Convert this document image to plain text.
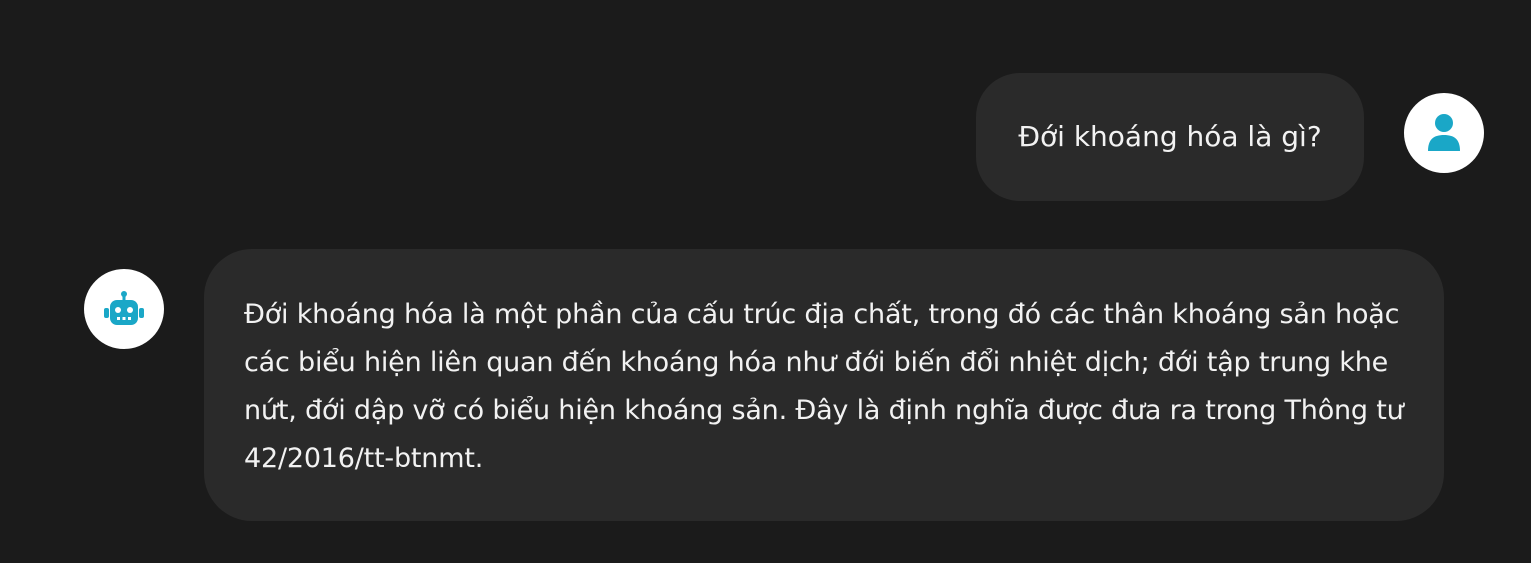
Đới khoáng hóa là gì?

Đới khoáng hóa là một phần của cấu trúc địa chất, trong đó các thân khoáng sản hoặc các biểu hiện liên quan đến khoáng hóa như đới biến đổi nhiệt dịch; đới tập trung khe nứt, đới dập vỡ có biểu hiện khoáng sản. Đây là định nghĩa được đưa ra trong Thông tư 42/2016/tt-btnmt.
